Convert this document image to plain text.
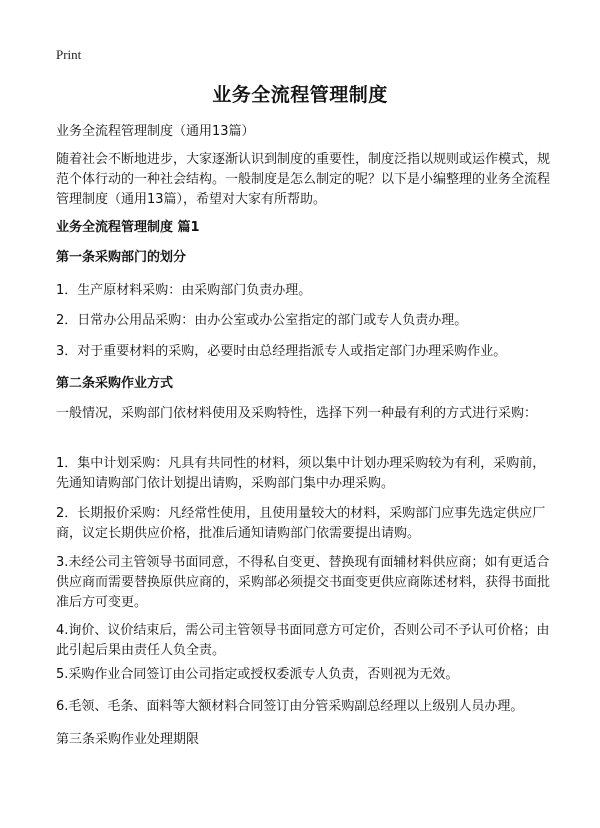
Print
业务全流程管理制度

业务全流程管理制度（通用13篇）

随着社会不断地进步，大家逐渐认识到制度的重要性，制度泛指以规则或运作模式，规范个体行动的一种社会结构。一般制度是怎么制定的呢？以下是小编整理的业务全流程管理制度（通用13篇），希望对大家有所帮助。

业务全流程管理制度 篇1

第一条采购部门的划分

1．生产原材料采购：由采购部门负责办理。

2．日常办公用品采购：由办公室或办公室指定的部门或专人负责办理。

3．对于重要材料的采购，必要时由总经理指派专人或指定部门办理采购作业。

第二条采购作业方式

一般情况，采购部门依材料使用及采购特性，选择下列一种最有利的方式进行采购：

1．集中计划采购：凡具有共同性的材料，须以集中计划办理采购较为有利，采购前，先通知请购部门依计划提出请购，采购部门集中办理采购。

2．长期报价采购：凡经常性使用，且使用量较大的材料，采购部门应事先选定供应厂商，议定长期供应价格，批准后通知请购部门依需要提出请购。

3.未经公司主管领导书面同意，不得私自变更、替换现有面辅材料供应商；如有更适合供应商而需要替换原供应商的，采购部必须提交书面变更供应商陈述材料，获得书面批准后方可变更。

4.询价、议价结束后，需公司主管领导书面同意方可定价，否则公司不予认可价格；由此引起后果由责任人负全责。

5.采购作业合同签订由公司指定或授权委派专人负责，否则视为无效。

6.毛领、毛条、面料等大额材料合同签订由分管采购副总经理以上级别人员办理。

第三条采购作业处理期限
